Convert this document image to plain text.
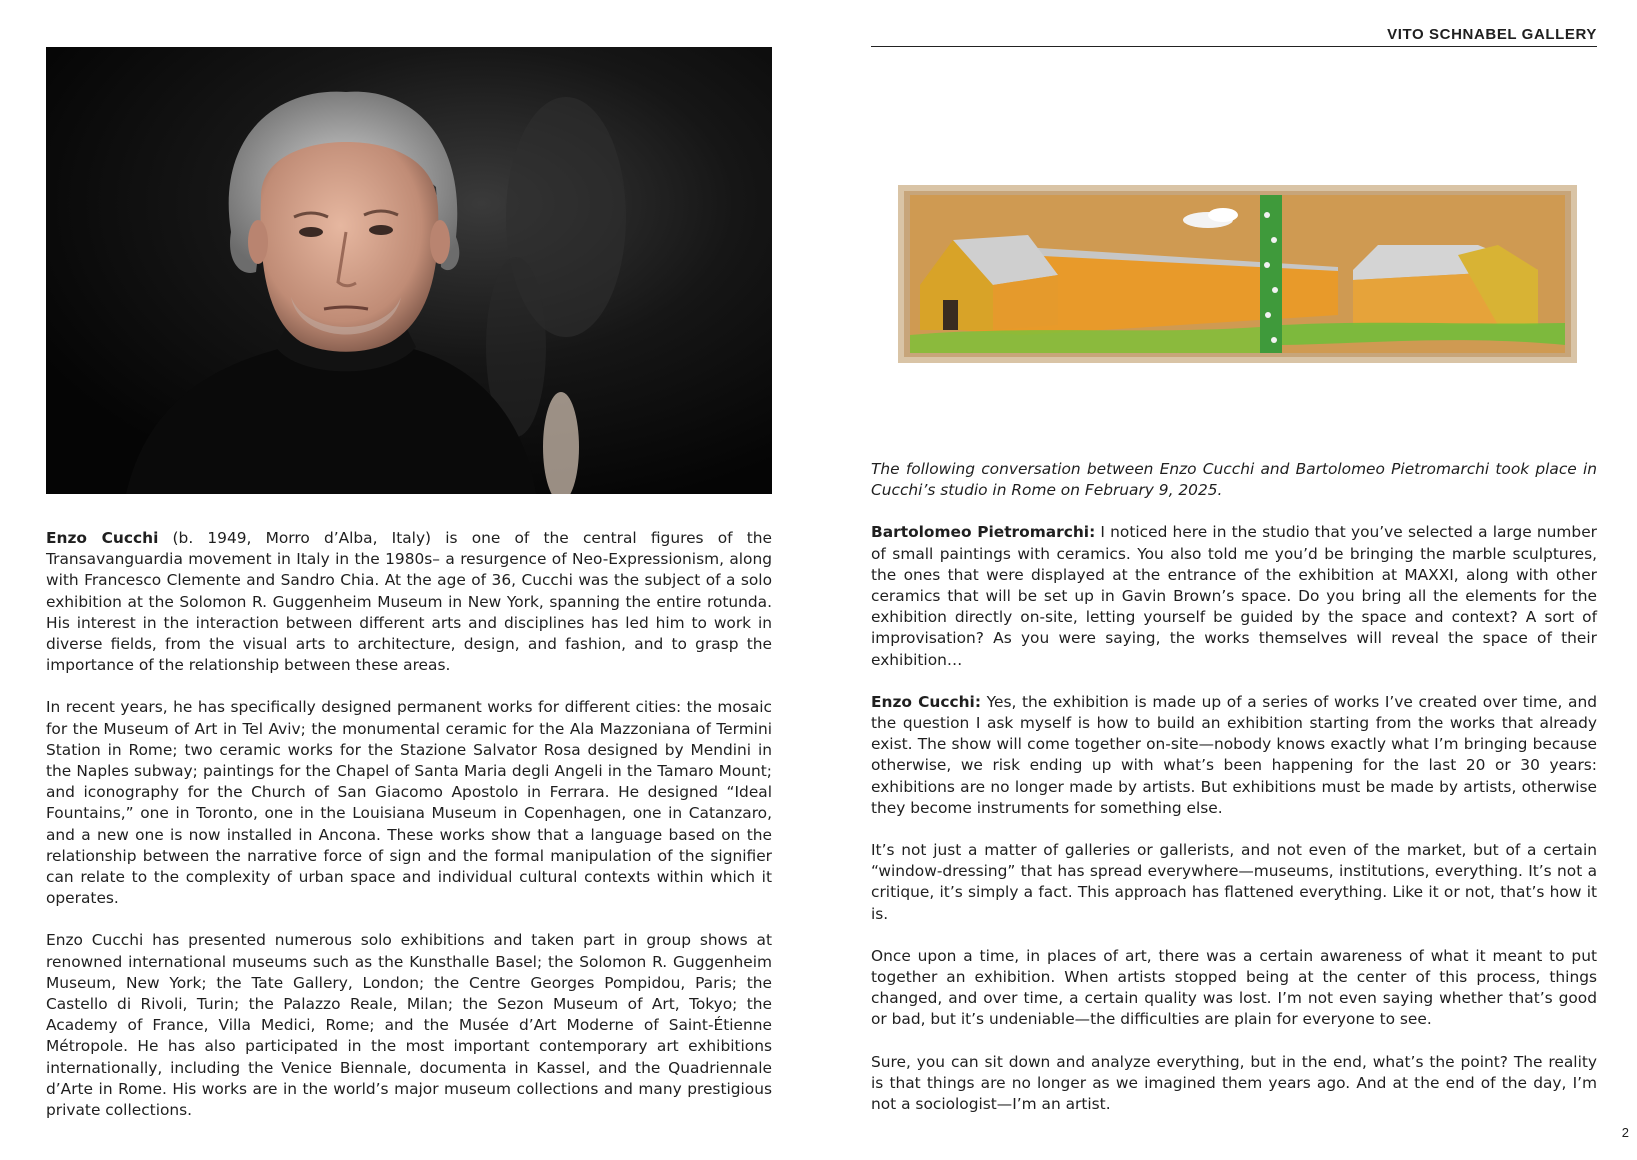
Enzo Cucchi (b. 1949, Morro d’Alba, Italy) is one of the central figures of the Transavanguardia movement in Italy in the 1980s– a resurgence of Neo-Expressionism, along with Francesco Clemente and Sandro Chia. At the age of 36, Cucchi was the subject of a solo exhibition at the Solomon R. Guggenheim Museum in New York, spanning the entire rotunda. His interest in the interaction between different arts and disciplines has led him to work in diverse fields, from the visual arts to architecture, design, and fashion, and to grasp the importance of the relationship between these areas.

In recent years, he has specifically designed permanent works for different cities: the mosaic for the Museum of Art in Tel Aviv; the monumental ceramic for the Ala Mazzoniana of Termini Station in Rome; two ceramic works for the Stazione Salvator Rosa designed by Mendini in the Naples subway; paintings for the Chapel of Santa Maria degli Angeli in the Tamaro Mount; and iconography for the Church of San Giacomo Apostolo in Ferrara. He designed “Ideal Fountains,” one in Toronto, one in the Louisiana Museum in Copenhagen, one in Catanzaro, and a new one is now installed in Ancona. These works show that a language based on the relationship between the narrative force of sign and the formal manipulation of the signifier can relate to the complexity of urban space and individual cultural contexts within which it operates.

Enzo Cucchi has presented numerous solo exhibitions and taken part in group shows at renowned international museums such as the Kunsthalle Basel; the Solomon R. Guggenheim Museum, New York; the Tate Gallery, London; the Centre Georges Pompidou, Paris; the Castello di Rivoli, Turin; the Palazzo Reale, Milan; the Sezon Museum of Art, Tokyo; the Academy of France, Villa Medici, Rome; and the Musée d’Art Moderne of Saint-Étienne Métropole. He has also participated in the most important contemporary art exhibitions internationally, including the Venice Biennale, documenta in Kassel, and the Quadriennale d’Arte in Rome. His works are in the world’s major museum collections and many prestigious private collections.

VITO SCHNABEL GALLERY

The following conversation between Enzo Cucchi and Bartolomeo Pietromarchi took place in Cucchi’s studio in Rome on February 9, 2025.

Bartolomeo Pietromarchi: I noticed here in the studio that you’ve selected a large number of small paintings with ceramics. You also told me you’d be bringing the marble sculptures, the ones that were displayed at the entrance of the exhibition at MAXXI, along with other ceramics that will be set up in Gavin Brown’s space. Do you bring all the elements for the exhibition directly on-site, letting yourself be guided by the space and context? A sort of improvisation? As you were saying, the works themselves will reveal the space of their exhibition…

Enzo Cucchi: Yes, the exhibition is made up of a series of works I’ve created over time, and the question I ask myself is how to build an exhibition starting from the works that already exist. The show will come together on-site—nobody knows exactly what I’m bringing because otherwise, we risk ending up with what’s been happening for the last 20 or 30 years: exhibitions are no longer made by artists. But exhibitions must be made by artists, otherwise they become instruments for something else.

It’s not just a matter of galleries or gallerists, and not even of the market, but of a certain “window-dressing” that has spread everywhere—museums, institutions, everything. It’s not a critique, it’s simply a fact. This approach has flattened everything. Like it or not, that’s how it is.

Once upon a time, in places of art, there was a certain awareness of what it meant to put together an exhibition. When artists stopped being at the center of this process, things changed, and over time, a certain quality was lost. I’m not even saying whether that’s good or bad, but it’s undeniable—the difficulties are plain for everyone to see.

Sure, you can sit down and analyze everything, but in the end, what’s the point? The reality is that things are no longer as we imagined them years ago. And at the end of the day, I’m not a sociologist—I’m an artist.

2
